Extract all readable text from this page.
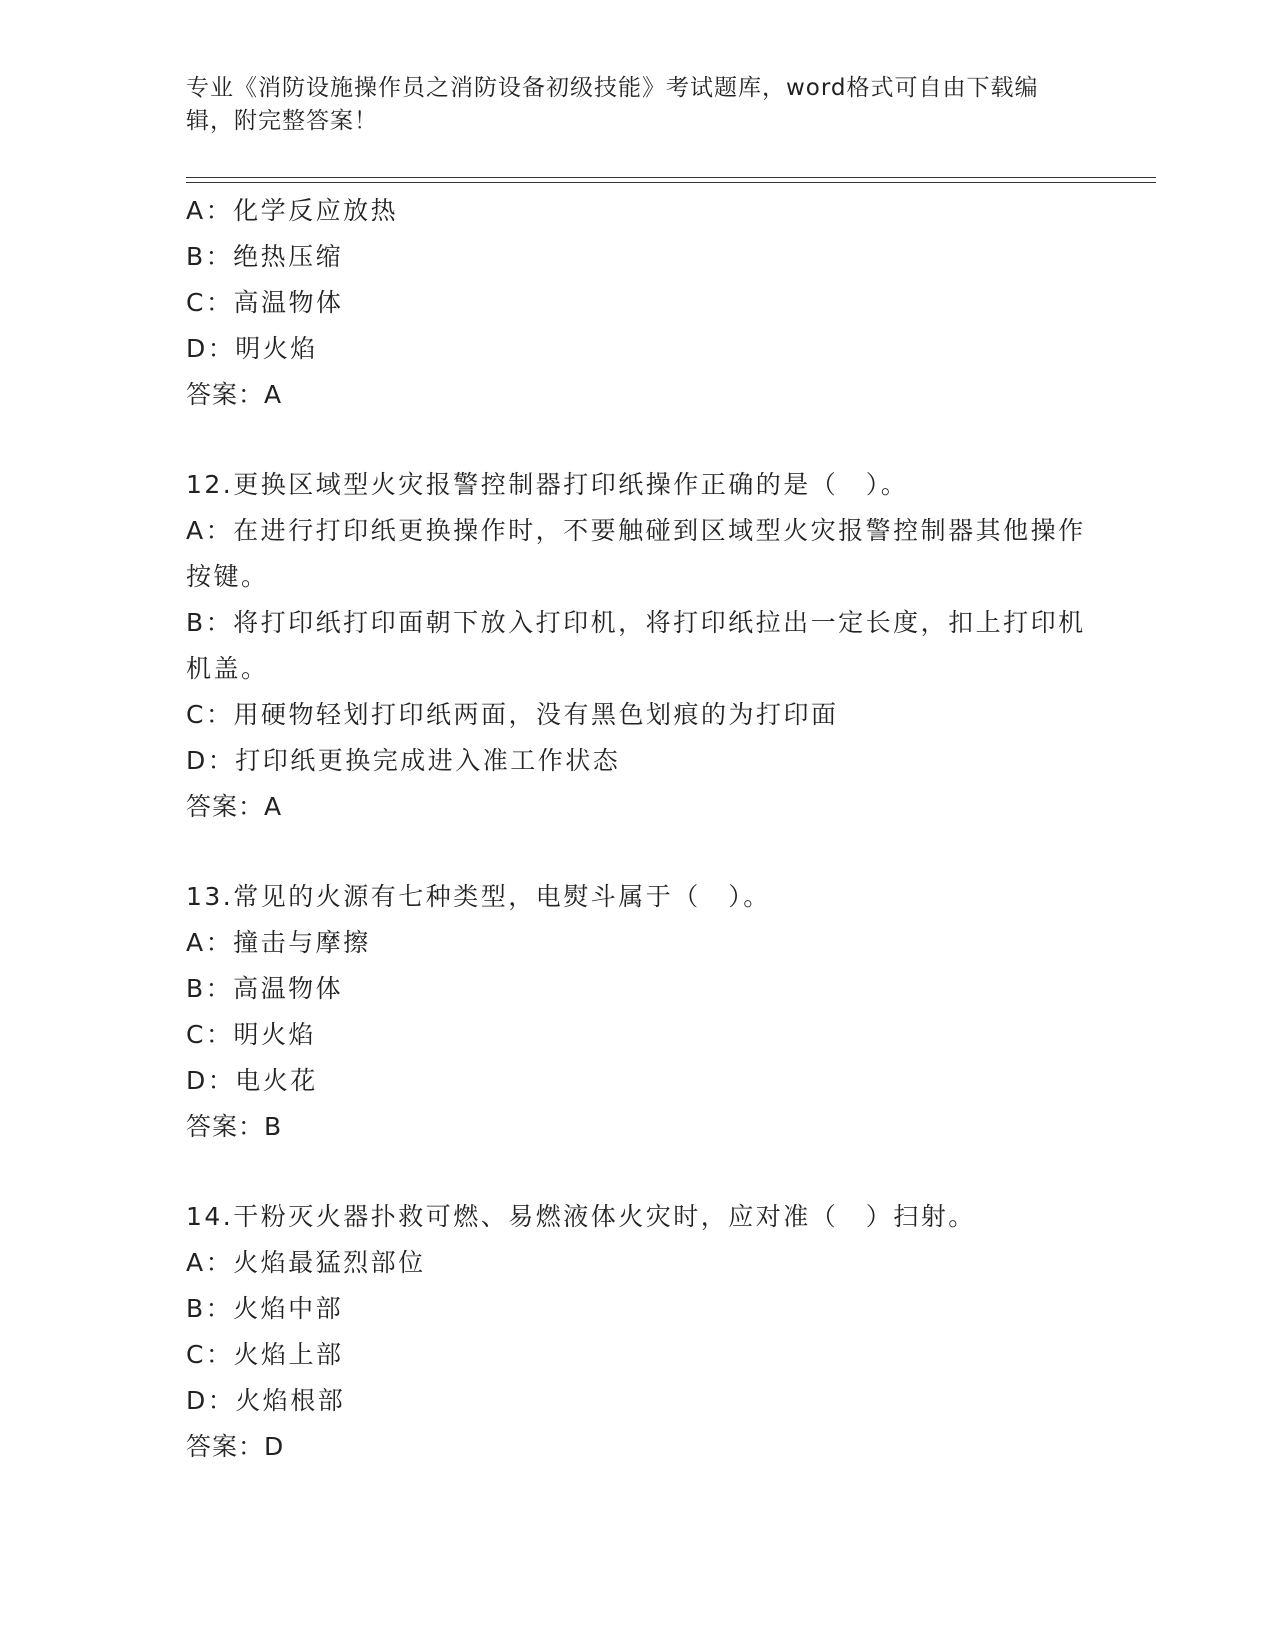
专业《消防设施操作员之消防设备初级技能》考试题库，word格式可自由下载编辑，附完整答案！
A：化学反应放热
B：绝热压缩
C：高温物体
D：明火焰
答案：A
12.更换区域型火灾报警控制器打印纸操作正确的是（　）。
A：在进行打印纸更换操作时，不要触碰到区域型火灾报警控制器其他操作按键。
B：将打印纸打印面朝下放入打印机，将打印纸拉出一定长度，扣上打印机机盖。
C：用硬物轻划打印纸两面，没有黑色划痕的为打印面
D：打印纸更换完成进入准工作状态
答案：A
13.常见的火源有七种类型，电熨斗属于（　）。
A：撞击与摩擦
B：高温物体
C：明火焰
D：电火花
答案：B
14.干粉灭火器扑救可燃、易燃液体火灾时，应对准（　）扫射。
A：火焰最猛烈部位
B：火焰中部
C：火焰上部
D：火焰根部
答案：D
